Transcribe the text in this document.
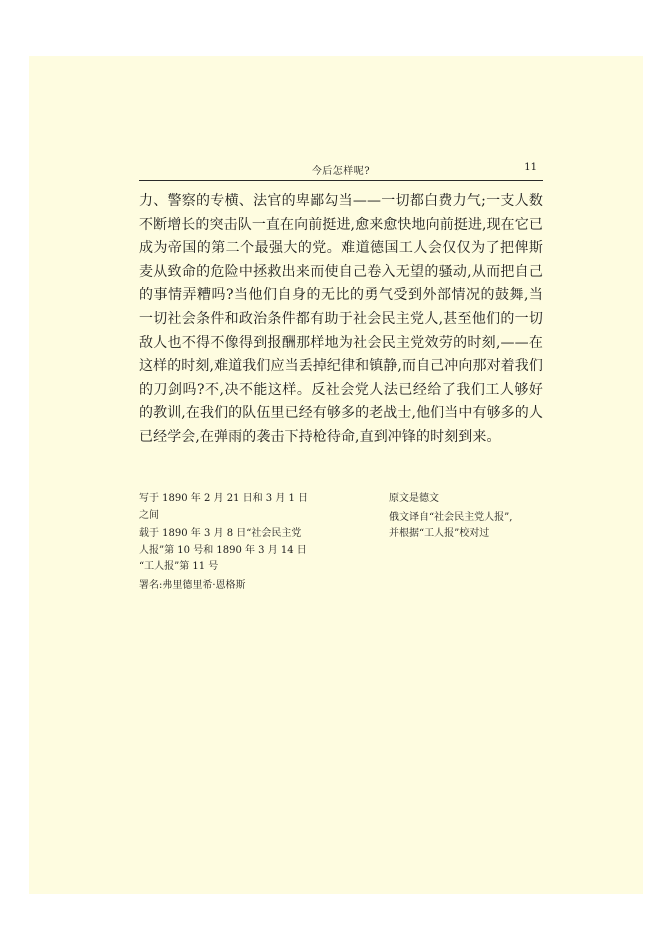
今后怎样呢?	11

力、警察的专横、法官的卑鄙勾当——一切都白费力气;一支人数不断增长的突击队一直在向前挺进,愈来愈快地向前挺进,现在它已成为帝国的第二个最强大的党。难道德国工人会仅仅为了把俾斯麦从致命的危险中拯救出来而使自己卷入无望的骚动,从而把自己的事情弄糟吗?当他们自身的无比的勇气受到外部情况的鼓舞,当一切社会条件和政治条件都有助于社会民主党人,甚至他们的一切敌人也不得不像得到报酬那样地为社会民主党效劳的时刻,——在这样的时刻,难道我们应当丢掉纪律和镇静,而自己冲向那对着我们的刀剑吗?不,决不能这样。反社会党人法已经给了我们工人够好的教训,在我们的队伍里已经有够多的老战士,他们当中有够多的人已经学会,在弹雨的袭击下持枪待命,直到冲锋的时刻到来。

写于 1890 年 2 月 21 日和 3 月 1 日
之间
载于 1890 年 3 月 8 日“社会民主党
人报”第 10 号和 1890 年 3 月 14 日
“工人报”第 11 号
署名:弗里德里希·恩格斯
原文是德文
俄文译自“社会民主党人报”,
并根据“工人报”校对过
